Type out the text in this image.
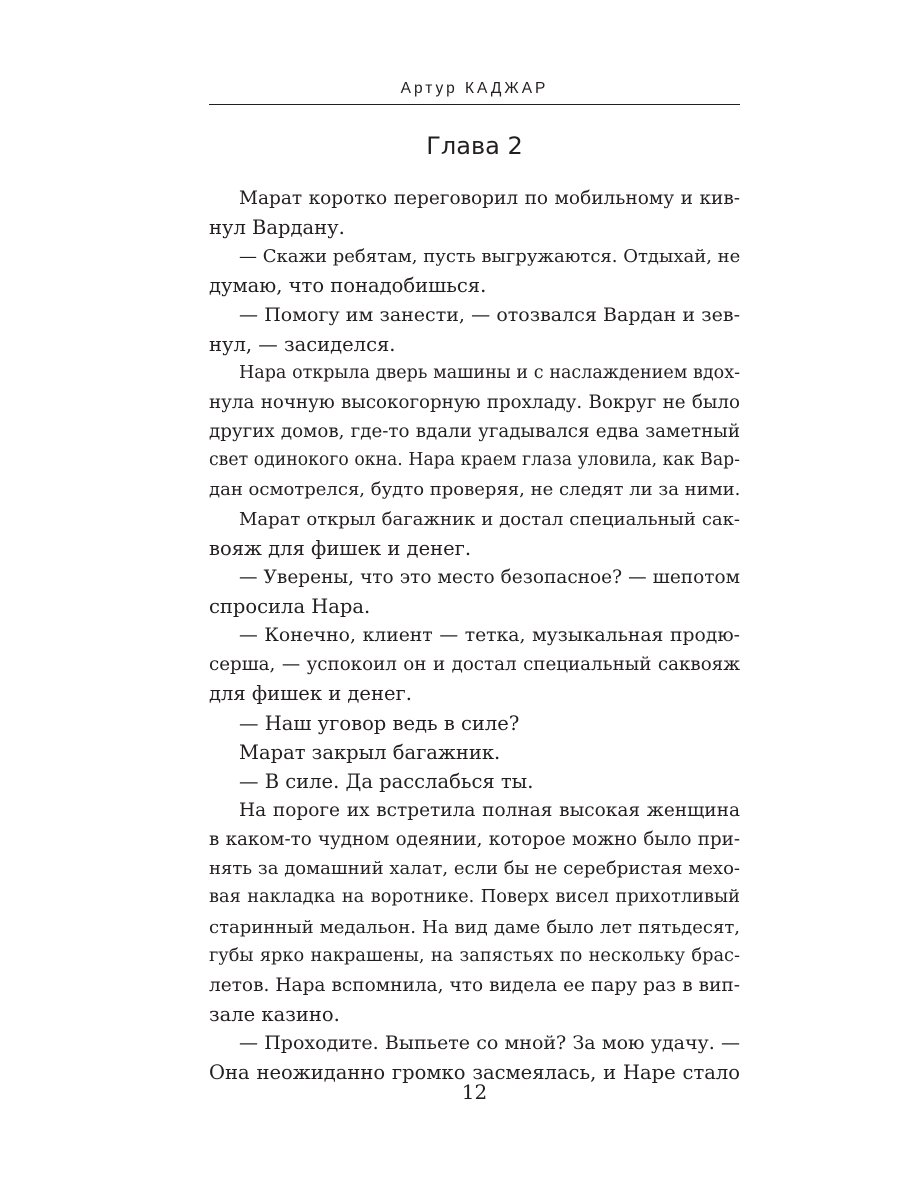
Артур КАДЖАР
Глава 2
Марат коротко переговорил по мобильному и кив-
нул Вардану.
— Скажи ребятам, пусть выгружаются. Отдыхай, не
думаю, что понадобишься.
— Помогу им занести, — отозвался Вардан и зев-
нул, — засиделся.
Нара открыла дверь машины и с наслаждением вдох-
нула ночную высокогорную прохладу. Вокруг не было
других домов, где-то вдали угадывался едва заметный
свет одинокого окна. Нара краем глаза уловила, как Вар-
дан осмотрелся, будто проверяя, не следят ли за ними.
Марат открыл багажник и достал специальный сак-
вояж для фишек и денег.
— Уверены, что это место безопасное? — шепотом
спросила Нара.
— Конечно, клиент — тетка, музыкальная продю-
серша, — успокоил он и достал специальный саквояж
для фишек и денег.
— Наш уговор ведь в силе?
Марат закрыл багажник.
— В силе. Да расслабься ты.
На пороге их встретила полная высокая женщина
в каком-то чудном одеянии, которое можно было при-
нять за домашний халат, если бы не серебристая мехо-
вая накладка на воротнике. Поверх висел прихотливый
старинный медальон. На вид даме было лет пятьдесят,
губы ярко накрашены, на запястьях по нескольку брас-
летов. Нара вспомнила, что видела ее пару раз в вип-
зале казино.
— Проходите. Выпьете со мной? За мою удачу. —
Она неожиданно громко засмеялась, и Наре стало
12
